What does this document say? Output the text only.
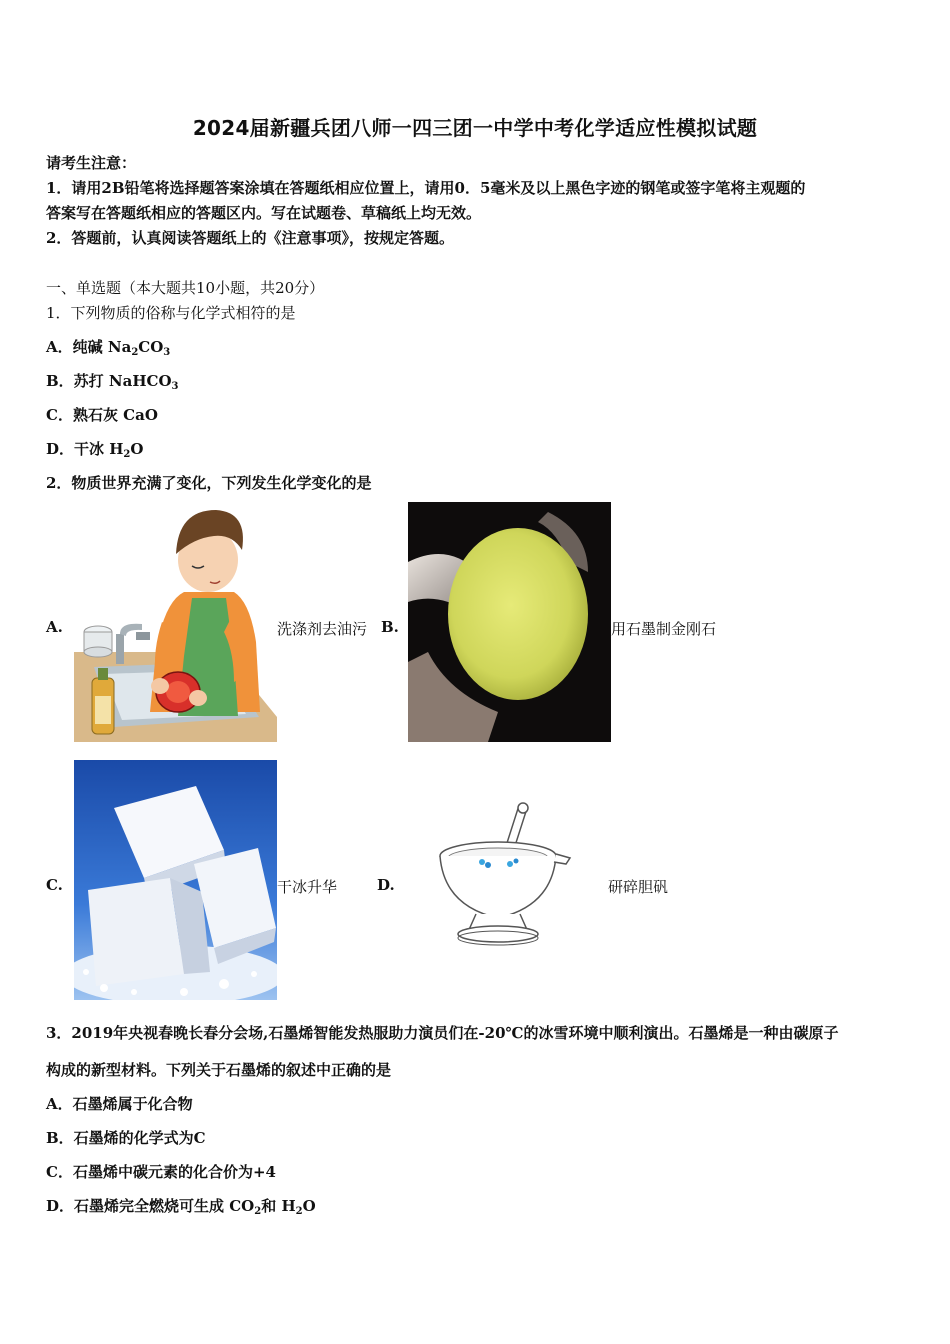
2024届新疆兵团八师一四三团一中学中考化学适应性模拟试题
请考生注意：
1．请用2B铅笔将选择题答案涂填在答题纸相应位置上，请用0．5毫米及以上黑色字迹的钢笔或签字笔将主观题的
答案写在答题纸相应的答题区内。写在试题卷、草稿纸上均无效。
2．答题前，认真阅读答题纸上的《注意事项》，按规定答题。
一、单选题（本大题共10小题，共20分）
1．下列物质的俗称与化学式相符的是
A．纯碱 $Na_2CO_3$
B．苏打 NaHCO$_3$
C．熟石灰 CaO
D．干冰 $H_2O$
2．物质世界充满了变化，下列发生化学变化的是
A.	洗涤剂去油污 B.	用石墨制金刚石
C.	干冰升华	D.	研碎胆矾
3．2019年央视春晚长春分会场,石墨烯智能发热服助力演员们在-20℃的冰雪环境中顺利演出。石墨烯是一种由碳原子
构成的新型材料。下列关于石墨烯的叙述中正确的是
A．石墨烯属于化合物
B．石墨烯的化学式为C
C．石墨烯中碳元素的化合价为+4
D．石墨烯完全燃烧可生成 $CO_2$和 $H_2O$
